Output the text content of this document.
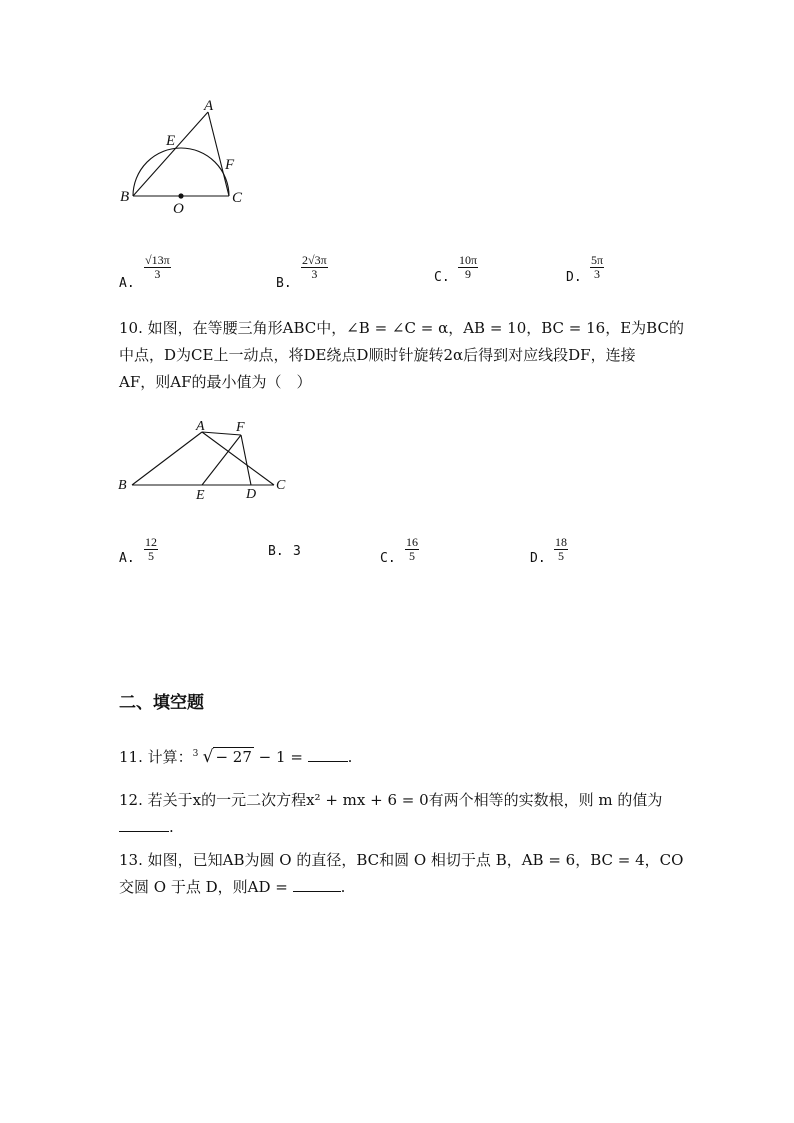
A
E
F
B
O
C
A.
$\frac{√13\pi}{3}$
B.
$\frac{2√3\pi}{3}$	C. $\frac{10\pi}{9}$	D. $\frac{5\pi}{3}$
10. 如图，在等腰三角形ABC中，∠B = ∠C = α，AB = 10，BC = 16，E为BC的
中点，D为CE上一动点，将DE绕点D顺时针旋转2α后得到对应线段DF，连接
AF，则AF的最小值为（　）
A F
B
E	D
C
A. $\frac{12}{5}$	B. 3	C. $\frac{16}{5}$	D. $\frac{18}{5}$
二、填空题
11. 计算： 3 √ − 27 − 1 =	.
12. 若关于x的一元二次方程x² + mx + 6 = 0有两个相等的实数根，则 m 的值为
.
13. 如图，已知AB为圆 O 的直径，BC和圆 O 相切于点 B，AB = 6，BC = 4，CO
交圆 O 于点 D，则AD =	.
